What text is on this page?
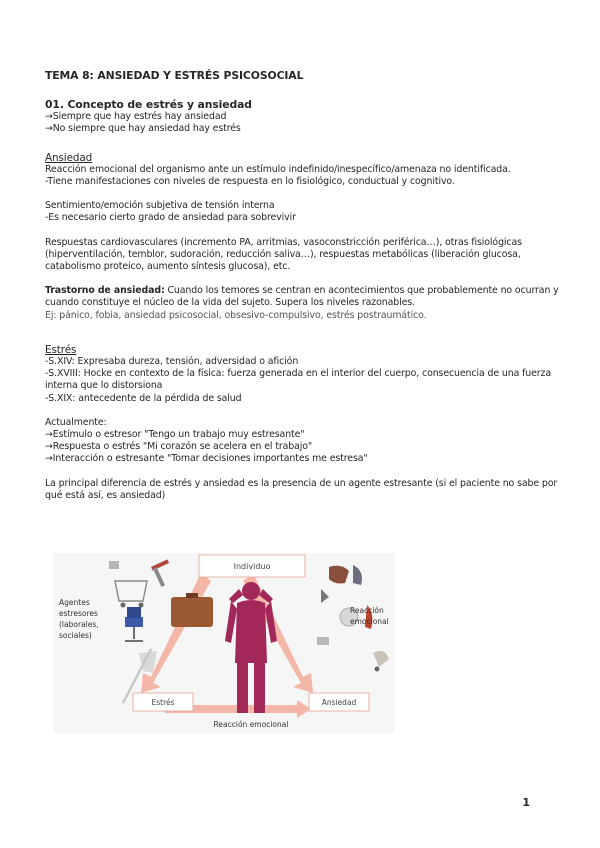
TEMA 8: ANSIEDAD Y ESTRÉS PSICOSOCIAL

01. Concepto de estrés y ansiedad

→Siempre que hay estrés hay ansiedad

→No siempre que hay ansiedad hay estrés

Ansiedad

Reacción emocional del organismo ante un estímulo indefinido/inespecífico/amenaza no identificada.

-Tiene manifestaciones con niveles de respuesta en lo fisiológico, conductual y cognitivo.

Sentimiento/emoción subjetiva de tensión interna

-Es necesario cierto grado de ansiedad para sobrevivir

Respuestas cardiovasculares (incremento PA, arritmias, vasoconstricción periférica…), otras fisiológicas (hiperventilación, temblor, sudoración, reducción saliva…), respuestas metabólicas (liberación glucosa, catabolismo proteico, aumento síntesis glucosa), etc.

Trastorno de ansiedad: Cuando los temores se centran en acontecimientos que probablemente no ocurran y cuando constituye el núcleo de la vida del sujeto. Supera los niveles razonables.

Ej: pánico, fobia, ansiedad psicosocial, obsesivo-compulsivo, estrés postraumático.

Estrés

-S.XIV: Expresaba dureza, tensión, adversidad o afición

-S.XVIII: Hocke en contexto de la física: fuerza generada en el interior del cuerpo, consecuencia de una fuerza interna que lo distorsiona

-S.XIX: antecedente de la pérdida de salud

Actualmente:

→Estímulo o estresor "Tengo un trabajo muy estresante"

→Respuesta o estrés "Mi corazón se acelera en el trabajo"

→Interacción o estresante "Tomar decisiones importantes me estresa"

La principal diferencia de estrés y ansiedad es la presencia de un agente estresante (si el paciente no sabe por qué está así, es ansiedad)

Individuo
Agentes
estresores
(laborales,
sociales)
Reacción
emocional
Estrés	Ansiedad
Reacción emocional
1
